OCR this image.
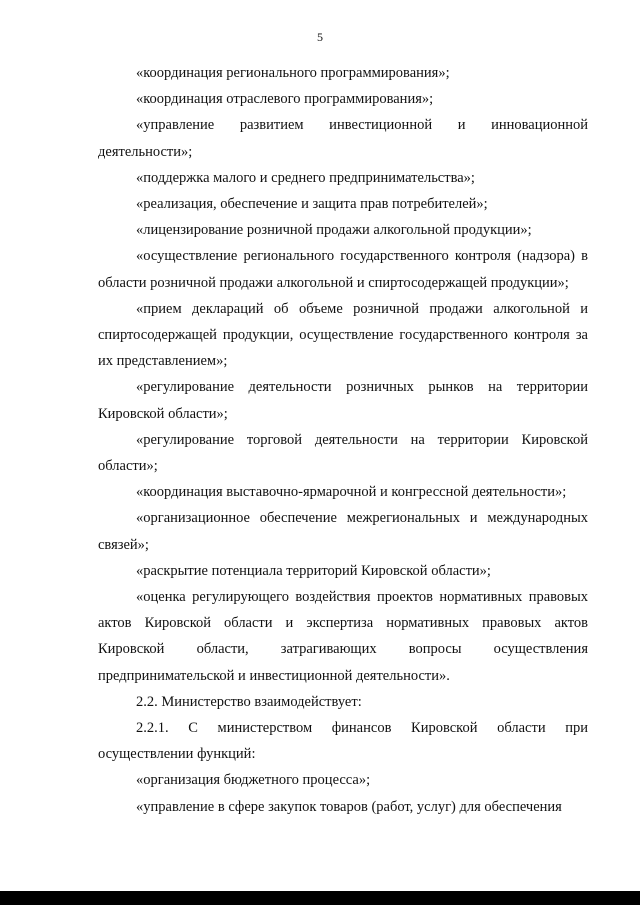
5

«координация регионального программирования»;

«координация отраслевого программирования»;

«управление развитием инвестиционной и инновационной деятельности»;

«поддержка малого и среднего предпринимательства»;

«реализация, обеспечение и защита прав потребителей»;

«лицензирование розничной продажи алкогольной продукции»;

«осуществление регионального государственного контроля (надзора) в области розничной продажи алкогольной и спиртосодержащей продукции»;

«прием деклараций об объеме розничной продажи алкогольной и спиртосодержащей продукции, осуществление государственного контроля за их представлением»;

«регулирование деятельности розничных рынков на территории Кировской области»;

«регулирование торговой деятельности на территории Кировской области»;

«координация выставочно-ярмарочной и конгрессной деятельности»;

«организационное обеспечение межрегиональных и международных связей»;

«раскрытие потенциала территорий Кировской области»;

«оценка регулирующего воздействия проектов нормативных правовых актов Кировской области и экспертиза нормативных правовых актов Кировской области, затрагивающих вопросы осуществления предпринимательской и инвестиционной деятельности».

2.2. Министерство взаимодействует:

2.2.1. С министерством финансов Кировской области при осуществлении функций:

«организация бюджетного процесса»;

«управление в сфере закупок товаров (работ, услуг) для обеспечения
